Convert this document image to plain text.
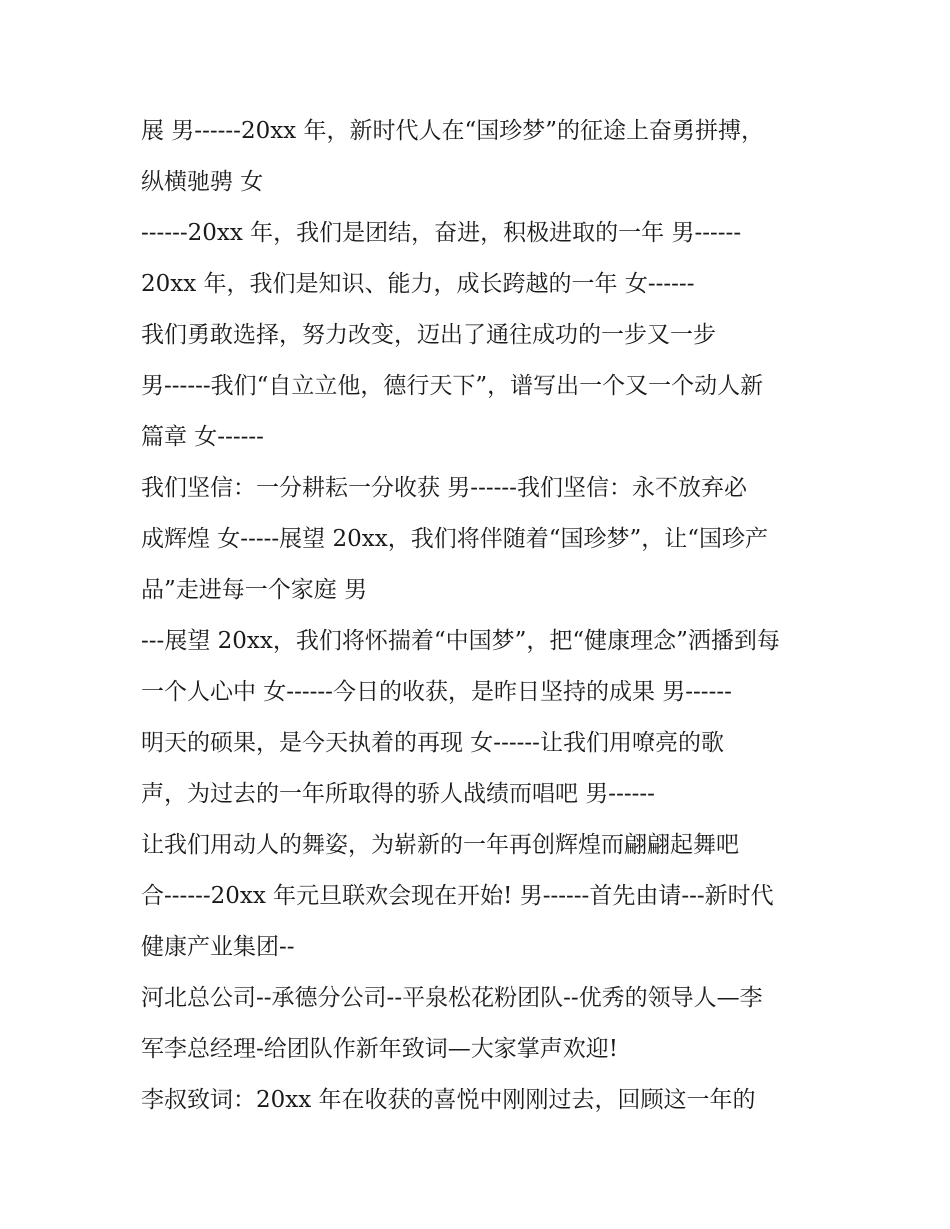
展 男------20xx 年，新时代人在“国珍梦”的征途上奋勇拼搏，
纵横驰骋 女
------20xx 年，我们是团结，奋进，积极进取的一年 男------
20xx 年，我们是知识、能力，成长跨越的一年 女------
我们勇敢选择，努力改变，迈出了通往成功的一步又一步
男------我们“自立立他，德行天下”，谱写出一个又一个动人新
篇章 女------
我们坚信：一分耕耘一分收获 男------我们坚信：永不放弃必
成辉煌 女-----展望 20xx，我们将伴随着“国珍梦”，让“国珍产
品”走进每一个家庭 男
---展望 20xx，我们将怀揣着“中国梦”，把“健康理念”洒播到每
一个人心中 女------今日的收获，是昨日坚持的成果 男------
明天的硕果，是今天执着的再现 女------让我们用嘹亮的歌
声，为过去的一年所取得的骄人战绩而唱吧 男------
让我们用动人的舞姿，为崭新的一年再创辉煌而翩翩起舞吧
合------20xx 年元旦联欢会现在开始! 男------首先由请---新时代
健康产业集团--
河北总公司--承德分公司--平泉松花粉团队--优秀的领导人—李
军李总经理-给团队作新年致词—大家掌声欢迎!
李叔致词：20xx 年在收获的喜悦中刚刚过去，回顾这一年的
